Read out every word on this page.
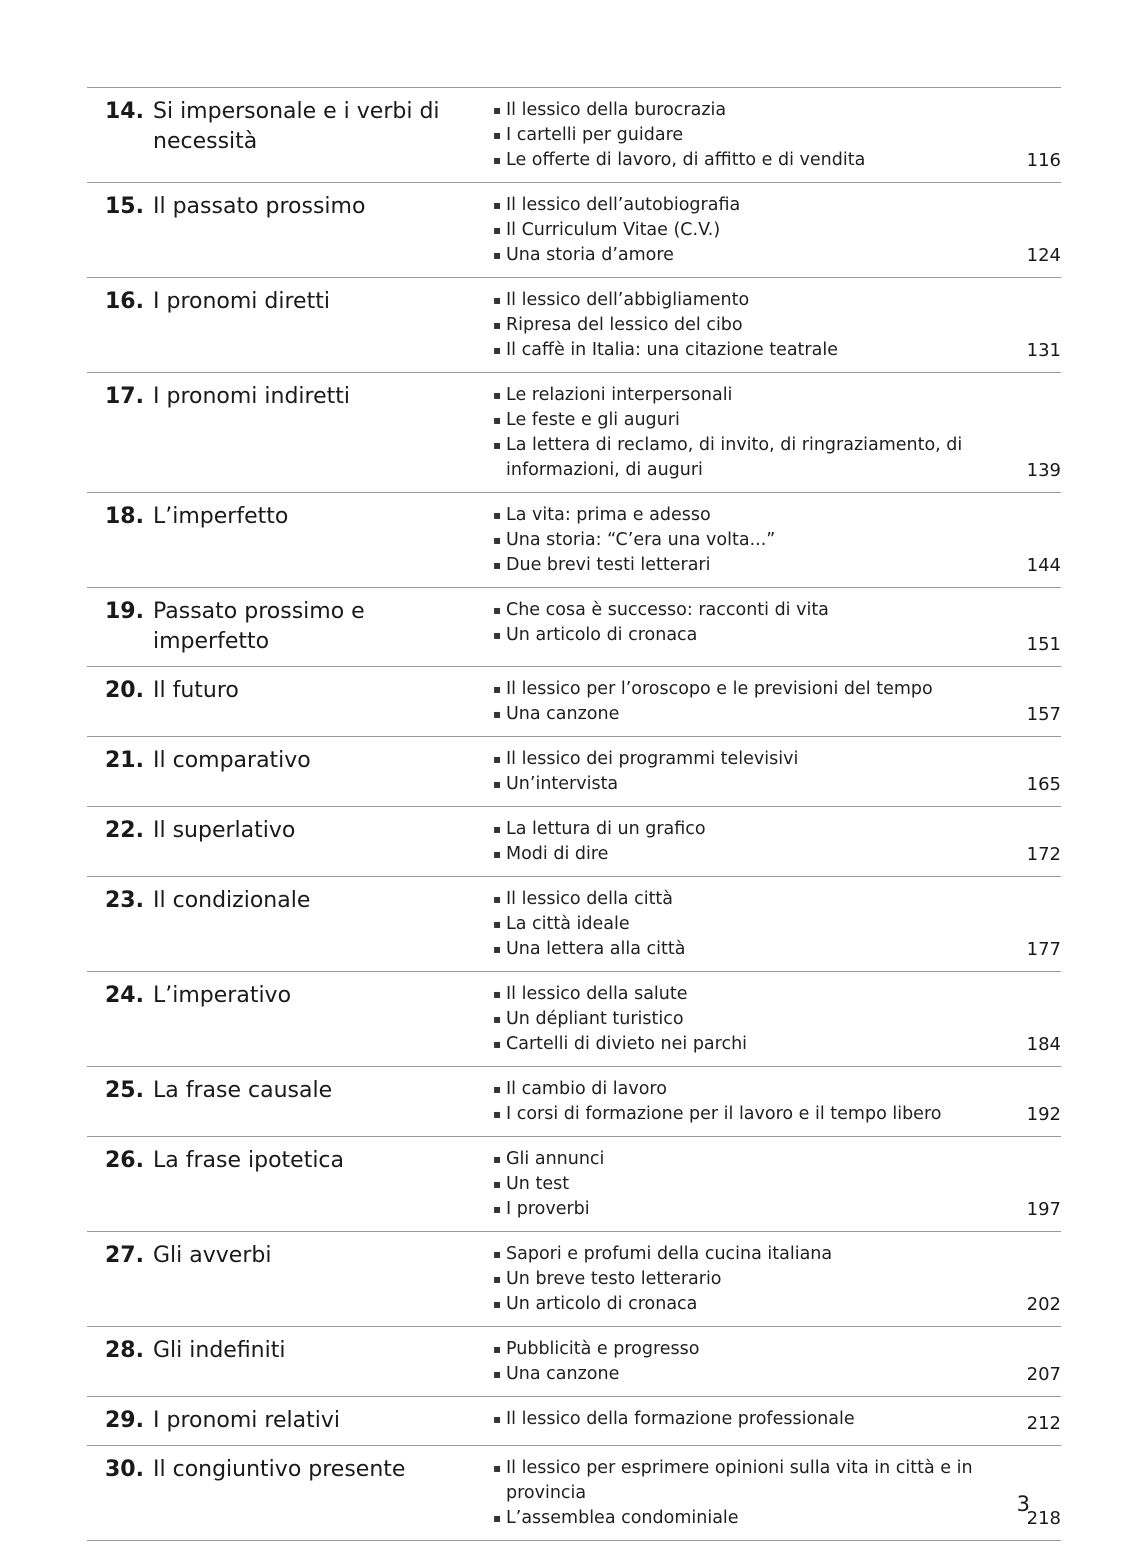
14. Si impersonale e i verbi di necessità
▪ Il lessico della burocrazia
▪ I cartelli per guidare
▪ Le offerte di lavoro, di affitto e di vendita	116
15. Il passato prossimo	▪ Il lessico dell’autobiografia
▪ Il Curriculum Vitae (C.V.)
▪ Una storia d’amore	124
16. I pronomi diretti	▪ Il lessico dell’abbigliamento
▪ Ripresa del lessico del cibo
▪ Il caffè in Italia: una citazione teatrale	131
17. I pronomi indiretti	▪ Le relazioni interpersonali
▪ Le feste e gli auguri
▪ La lettera di reclamo, di invito, di ringraziamento, di informazioni, di auguri	139
18. L’imperfetto	▪ La vita: prima e adesso
▪ Una storia: “C’era una volta...”
▪ Due brevi testi letterari	144
19. Passato prossimo e imperfetto
▪ Che cosa è successo: racconti di vita
▪ Un articolo di cronaca	151
20. Il futuro	▪ Il lessico per l’oroscopo e le previsioni del tempo
▪ Una canzone	157
21. Il comparativo	▪ Il lessico dei programmi televisivi
▪ Un’intervista	165
22. Il superlativo	▪ La lettura di un grafico
▪ Modi di dire	172
23. Il condizionale	▪ Il lessico della città
▪ La città ideale
▪ Una lettera alla città	177
24. L’imperativo	▪ Il lessico della salute
▪ Un dépliant turistico
▪ Cartelli di divieto nei parchi	184
25. La frase causale	▪ Il cambio di lavoro
▪ I corsi di formazione per il lavoro e il tempo libero	192
26. La frase ipotetica	▪ Gli annunci
▪ Un test
▪ I proverbi	197
27. Gli avverbi	▪ Sapori e profumi della cucina italiana
▪ Un breve testo letterario
▪ Un articolo di cronaca	202
28. Gli indefiniti	▪ Pubblicità e progresso
▪ Una canzone	207
29. I pronomi relativi	▪ Il lessico della formazione professionale	212
30. Il congiuntivo presente	▪ Il lessico per esprimere opinioni sulla vita in città e in provincia
▪ L’assemblea condominiale	218
3
